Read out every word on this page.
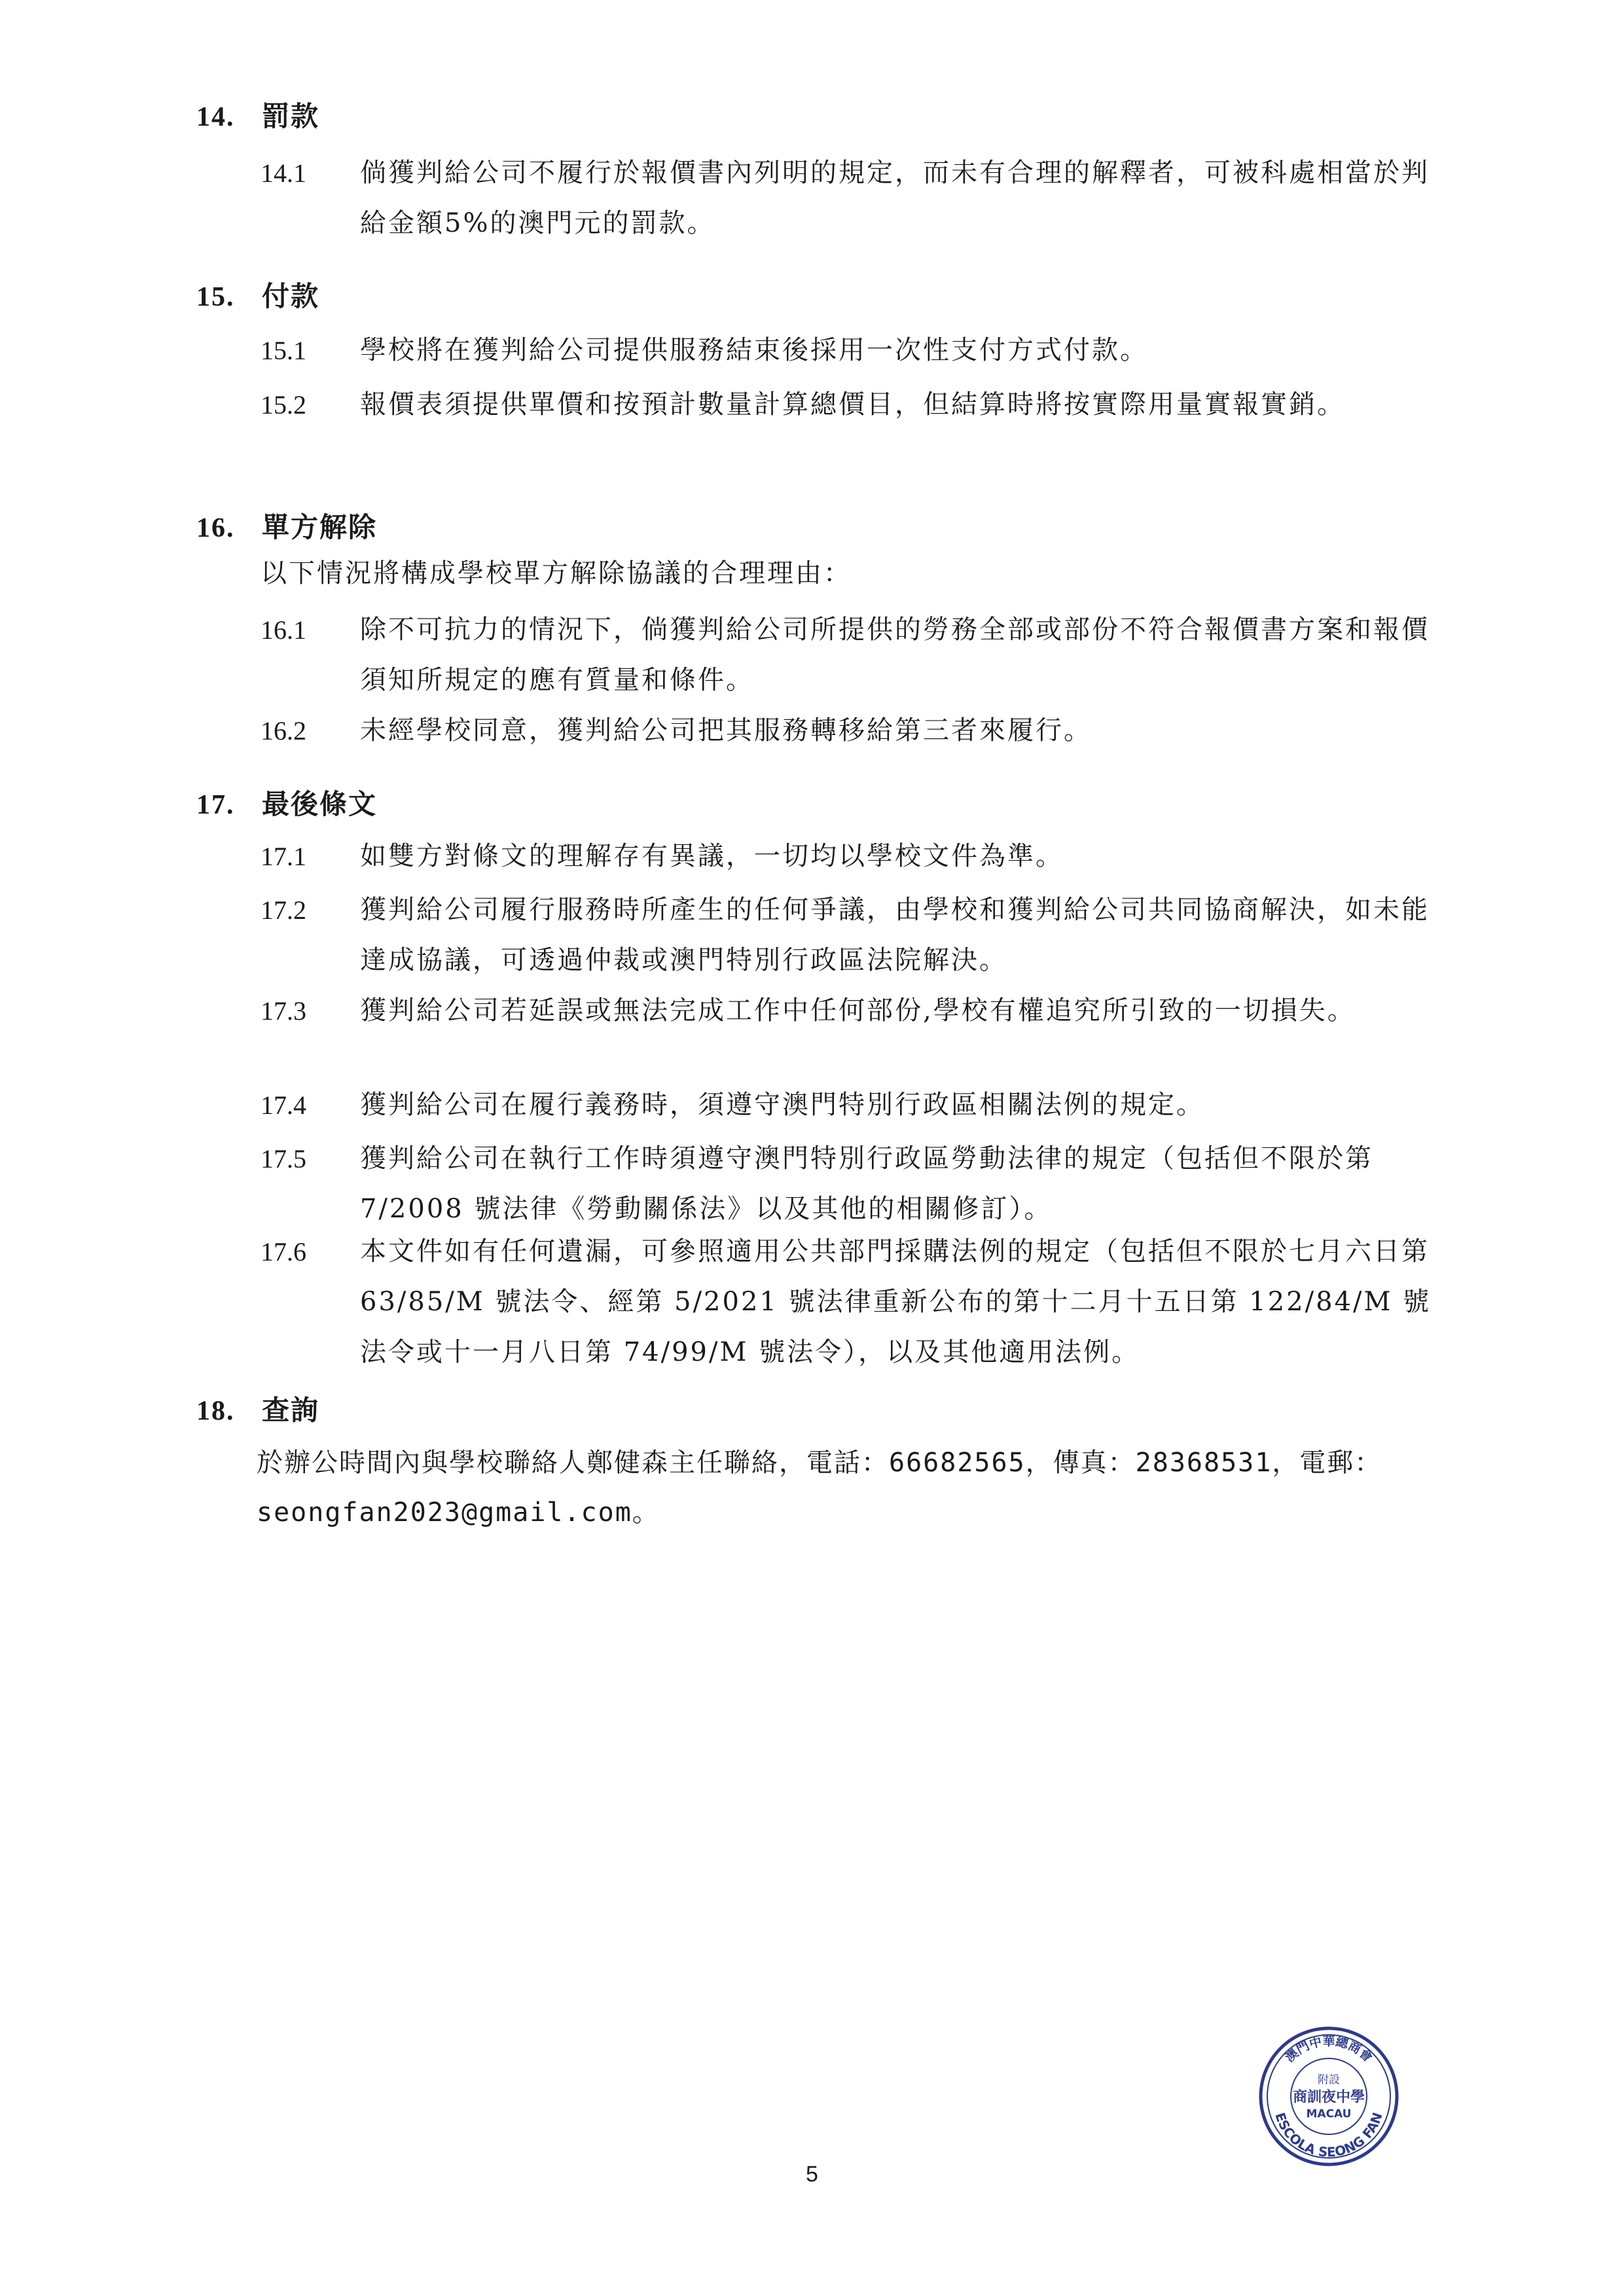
14. 罰款
14.1 倘獲判給公司不履行於報價書內列明的規定，而未有合理的解釋者，可被科處相當於判給金額5%的澳門元的罰款。
15. 付款
15.1 學校將在獲判給公司提供服務結束後採用一次性支付方式付款。
15.2 報價表須提供單價和按預計數量計算總價目，但結算時將按實際用量實報實銷。
16. 單方解除
以下情況將構成學校單方解除協議的合理理由：
16.1 除不可抗力的情況下，倘獲判給公司所提供的勞務全部或部份不符合報價書方案和報價須知所規定的應有質量和條件。
16.2 未經學校同意，獲判給公司把其服務轉移給第三者來履行。
17. 最後條文
17.1 如雙方對條文的理解存有異議，一切均以學校文件為準。
17.2 獲判給公司履行服務時所產生的任何爭議，由學校和獲判給公司共同協商解決，如未能達成協議，可透過仲裁或澳門特別行政區法院解決。
17.3 獲判給公司若延誤或無法完成工作中任何部份,學校有權追究所引致的一切損失。
17.4 獲判給公司在履行義務時，須遵守澳門特別行政區相關法例的規定。
17.5 獲判給公司在執行工作時須遵守澳門特別行政區勞動法律的規定（包括但不限於第 7/2008 號法律《勞動關係法》以及其他的相關修訂）。
17.6 本文件如有任何遺漏，可參照適用公共部門採購法例的規定（包括但不限於七月六日第 63/85/M 號法令、經第 5/2021 號法律重新公布的第十二月十五日第 122/84/M 號法令或十一月八日第 74/99/M 號法令），以及其他適用法例。
18. 查詢
於辦公時間內與學校聯絡人鄭健森主任聯絡，電話：66682565，傳真：28368531，電郵：seongfan2023@gmail.com。
澳門中華總商會
ESCOLA SEONG FAN
附設
商訓夜中學
MACAU
5
